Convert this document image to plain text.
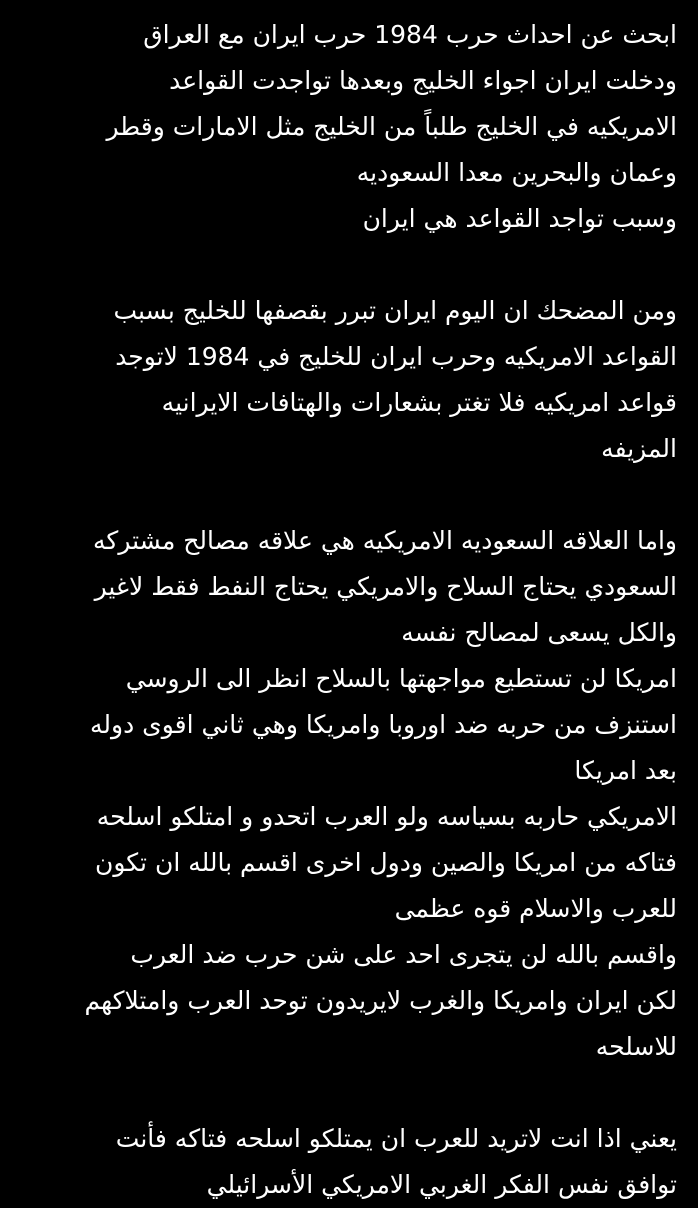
ابحث عن احداث حرب 1984 حرب ايران مع العراق
ودخلت ايران اجواء الخليج وبعدها تواجدت القواعد
الامريكيه في الخليج طلباً من الخليج مثل الامارات وقطر
وعمان والبحرين معدا السعوديه
وسبب تواجد القواعد هي ايران
ومن المضحك ان اليوم ايران تبرر بقصفها للخليج بسبب
القواعد الامريكيه وحرب ايران للخليج في 1984 لاتوجد
قواعد امريكيه فلا تغتر بشعارات والهتافات الايرانيه
المزيفه
واما العلاقه السعوديه الامريكيه هي علاقه مصالح مشتركه
السعودي يحتاج السلاح والامريكي يحتاج النفط فقط لاغير
والكل يسعى لمصالح نفسه
امريكا لن تستطيع مواجهتها بالسلاح انظر الى الروسي
استنزف من حربه ضد اوروبا وامريكا وهي ثاني اقوى دوله
بعد امريكا
الامريكي حاربه بسياسه ولو العرب اتحدو و امتلكو اسلحه
فتاكه من امريكا والصين ودول اخرى اقسم بالله ان تكون
للعرب والاسلام قوه عظمى
واقسم بالله لن يتجرى احد على شن حرب ضد العرب
لكن ايران وامريكا والغرب لايريدون توحد العرب وامتلاكهم
للاسلحه
يعني اذا انت لاتريد للعرب ان يمتلكو اسلحه فتاكه فأنت
توافق نفس الفكر الغربي الامريكي الأسرائيلي
